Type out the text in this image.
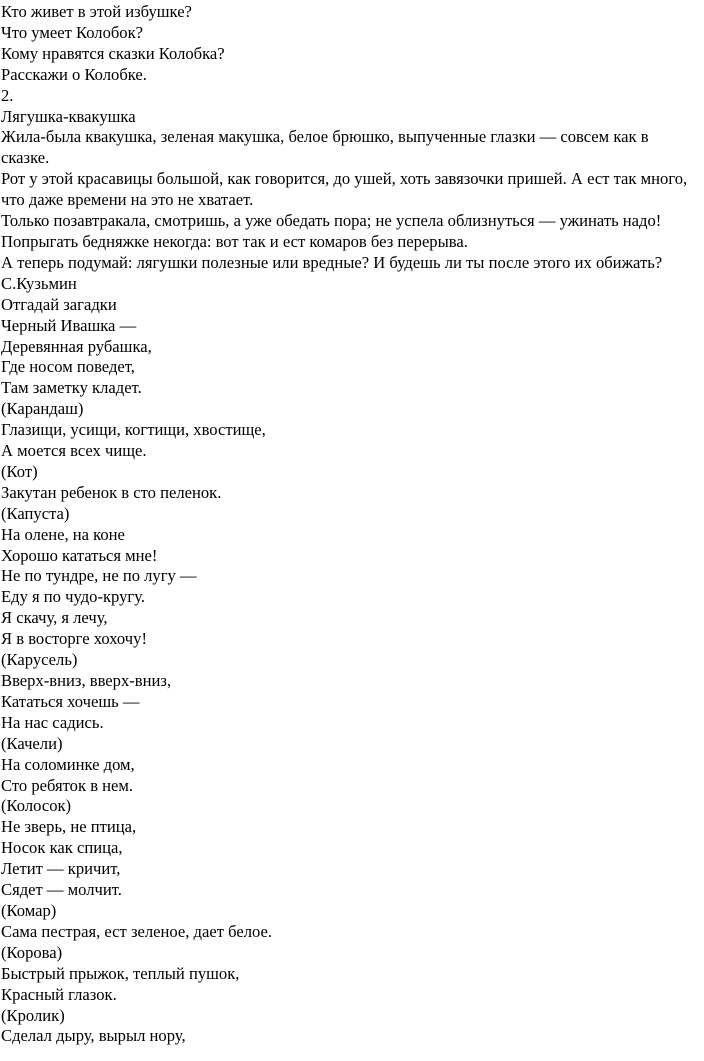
Кто живет в этой избушке?

Что умеет Колобок?

Кому нравятся сказки Колобка?

Расскажи о Колобке.

2.

Лягушка-квакушка

Жила-была квакушка, зеленая макушка, белое брюшко, выпученные глазки — совсем как в сказке.

Рот у этой красавицы большой, как говорится, до ушей, хоть завязочки пришей. А ест так много, что даже времени на это не хватает.

Только позавтракала, смотришь, а уже обедать пора; не успела облизнуться — ужинать надо! Попрыгать бедняжке некогда: вот так и ест комаров без перерыва.

А теперь подумай: лягушки полезные или вредные? И будешь ли ты после этого их обижать?

С.Кузьмин

Отгадай загадки

Черный Ивашка —

Деревянная рубашка,

Где носом поведет,

Там заметку кладет.

(Карандаш)

Глазищи, усищи, когтищи, хвостище,

А моется всех чище.

(Кот)

Закутан ребенок в сто пеленок.

(Капуста)

На олене, на коне

Хорошо кататься мне!

Не по тундре, не по лугу —

Еду я по чудо-кругу.

Я скачу, я лечу,

Я в восторге хохочу!

(Карусель)

Вверх-вниз, вверх-вниз,

Кататься хочешь —

На нас садись.

(Качели)

На соломинке дом,

Сто ребяток в нем.

(Колосок)

Не зверь, не птица,

Носок как спица,

Летит — кричит,

Сядет — молчит.

(Комар)

Сама пестрая, ест зеленое, дает белое.

(Корова)

Быстрый прыжок, теплый пушок,

Красный глазок.

(Кролик)

Сделал дыру, вырыл нору,
